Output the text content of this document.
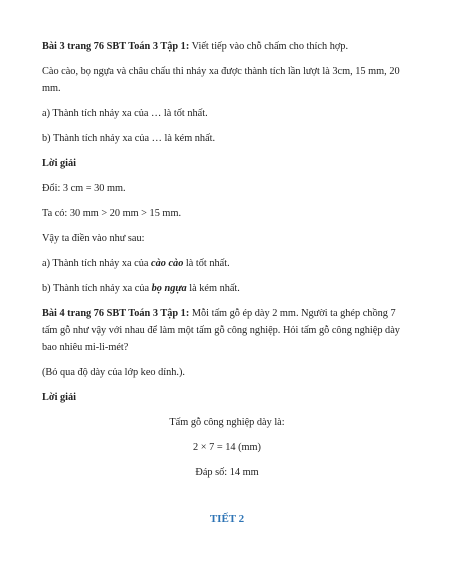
Bài 3 trang 76 SBT Toán 3 Tập 1: Viết tiếp vào chỗ chấm cho thích hợp.

Cào cào, bọ ngựa và châu chấu thi nhảy xa được thành tích lần lượt là 3cm, 15 mm, 20 mm.

a) Thành tích nhảy xa của … là tốt nhất.

b) Thành tích nhảy xa của … là kém nhất.

Lời giải

Đổi: 3 cm = 30 mm.

Ta có: 30 mm > 20 mm > 15 mm.

Vậy ta điền vào như sau:

a) Thành tích nhảy xa của cào cào là tốt nhất.

b) Thành tích nhảy xa của bọ ngựa là kém nhất.

Bài 4 trang 76 SBT Toán 3 Tập 1: Mỗi tấm gỗ ép dày 2 mm. Người ta ghép chồng 7 tấm gỗ như vậy với nhau để làm một tấm gỗ công nghiệp. Hỏi tấm gỗ công nghiệp dày bao nhiêu mi-li-mét?

(Bỏ qua độ dày của lớp keo dính.).

Lời giải

Tấm gỗ công nghiệp dày là:

2 × 7 = 14 (mm)

Đáp số: 14 mm

TIẾT 2
